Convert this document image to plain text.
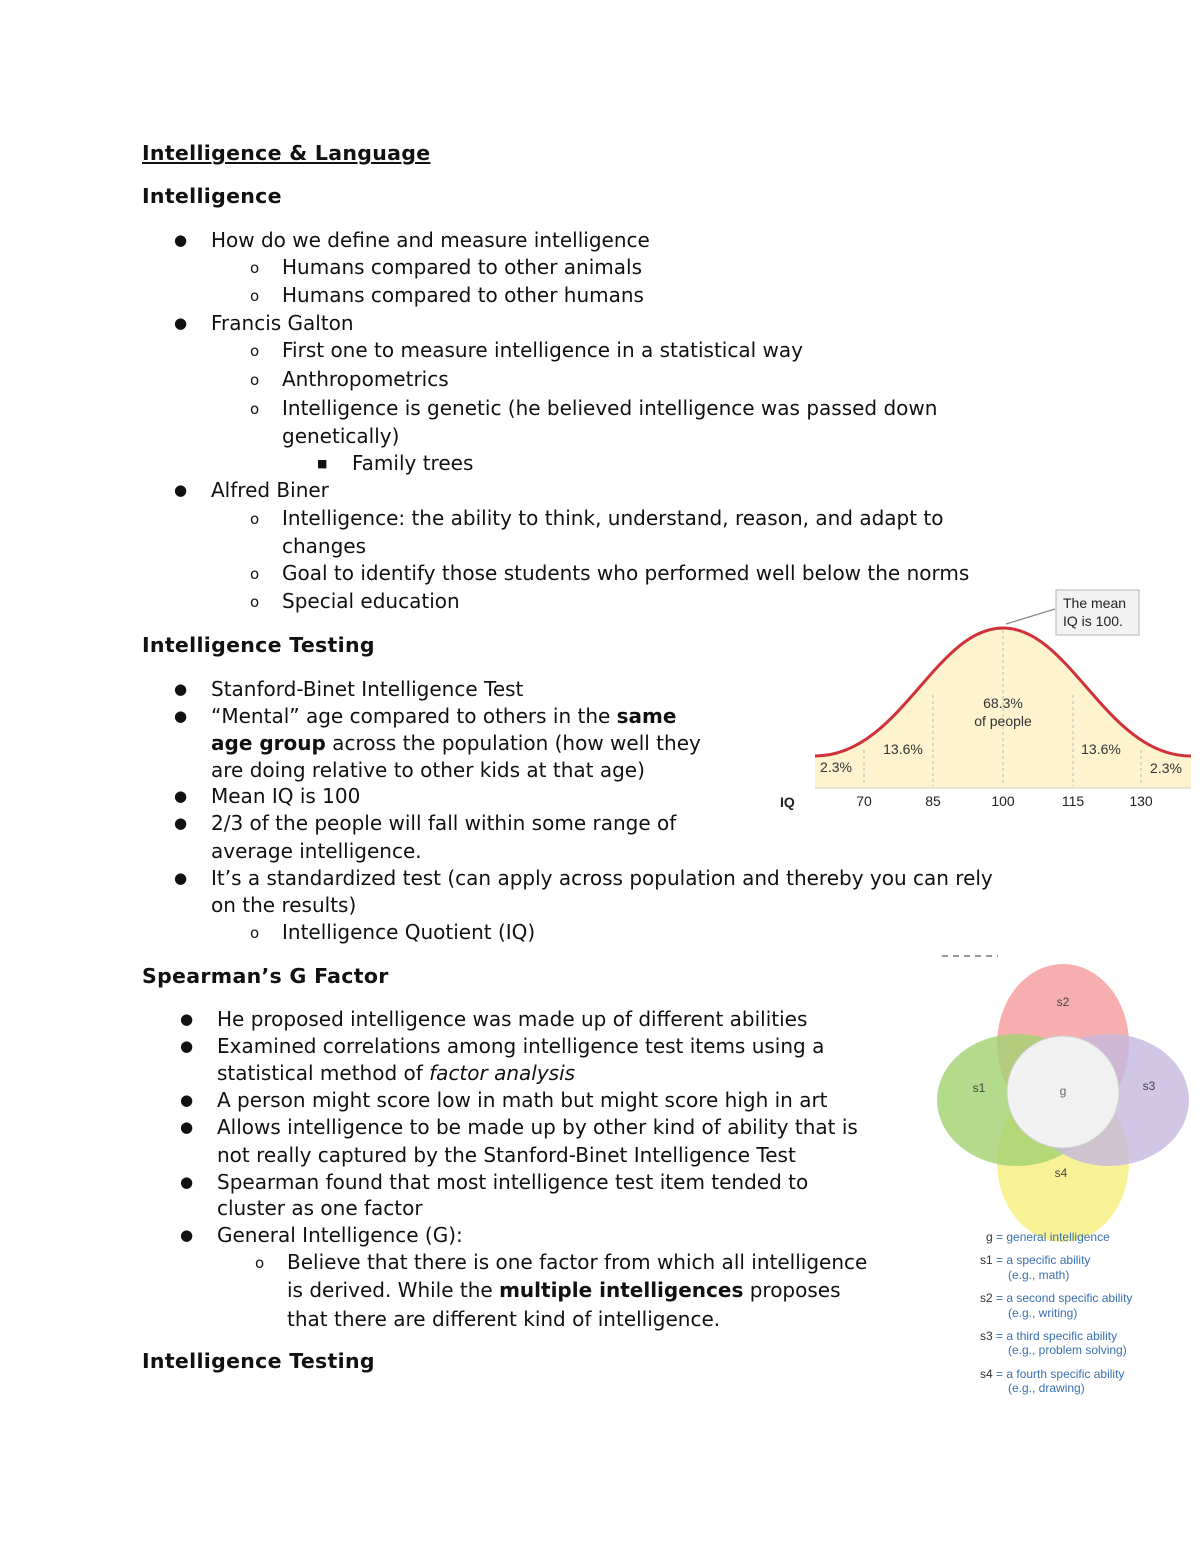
Intelligence & Language
Intelligence
● How do we define and measure intelligence
o Humans compared to other animals
o Humans compared to other humans
● Francis Galton
o First one to measure intelligence in a statistical way
o Anthropometrics
o Intelligence is genetic (he believed intelligence was passed down
genetically)
■ Family trees
● Alfred Biner
o Intelligence: the ability to think, understand, reason, and adapt to
changes
o Goal to identify those students who performed well below the norms
o Special education
Intelligence Testing
● Stanford-Binet Intelligence Test
● “Mental” age compared to others in the same
age group across the population (how well they
are doing relative to other kids at that age)
● Mean IQ is 100
● 2/3 of the people will fall within some range of
average intelligence.
● It’s a standardized test (can apply across population and thereby you can rely
on the results)
o Intelligence Quotient (IQ)
Spearman’s G Factor
● He proposed intelligence was made up of different abilities
● Examined correlations among intelligence test items using a
statistical method of factor analysis
● A person might score low in math but might score high in art
● Allows intelligence to be made up by other kind of ability that is
not really captured by the Stanford-Binet Intelligence Test
● Spearman found that most intelligence test item tended to
cluster as one factor
● General Intelligence (G):
o Believe that there is one factor from which all intelligence
is derived. While the multiple intelligences proposes
that there are different kind of intelligence.
Intelligence Testing
The mean
IQ is 100.
68.3%
of people
13.6%	13.6%
2.3%	2.3%
IQ	70	85	100	115	130
s2
s1	s3
s4
g
g = general intelligence
s1 = a specific ability
(e.g., math)
s2 = a second specific ability
(e.g., writing)
s3 = a third specific ability
(e.g., problem solving)
s4 = a fourth specific ability
(e.g., drawing)
